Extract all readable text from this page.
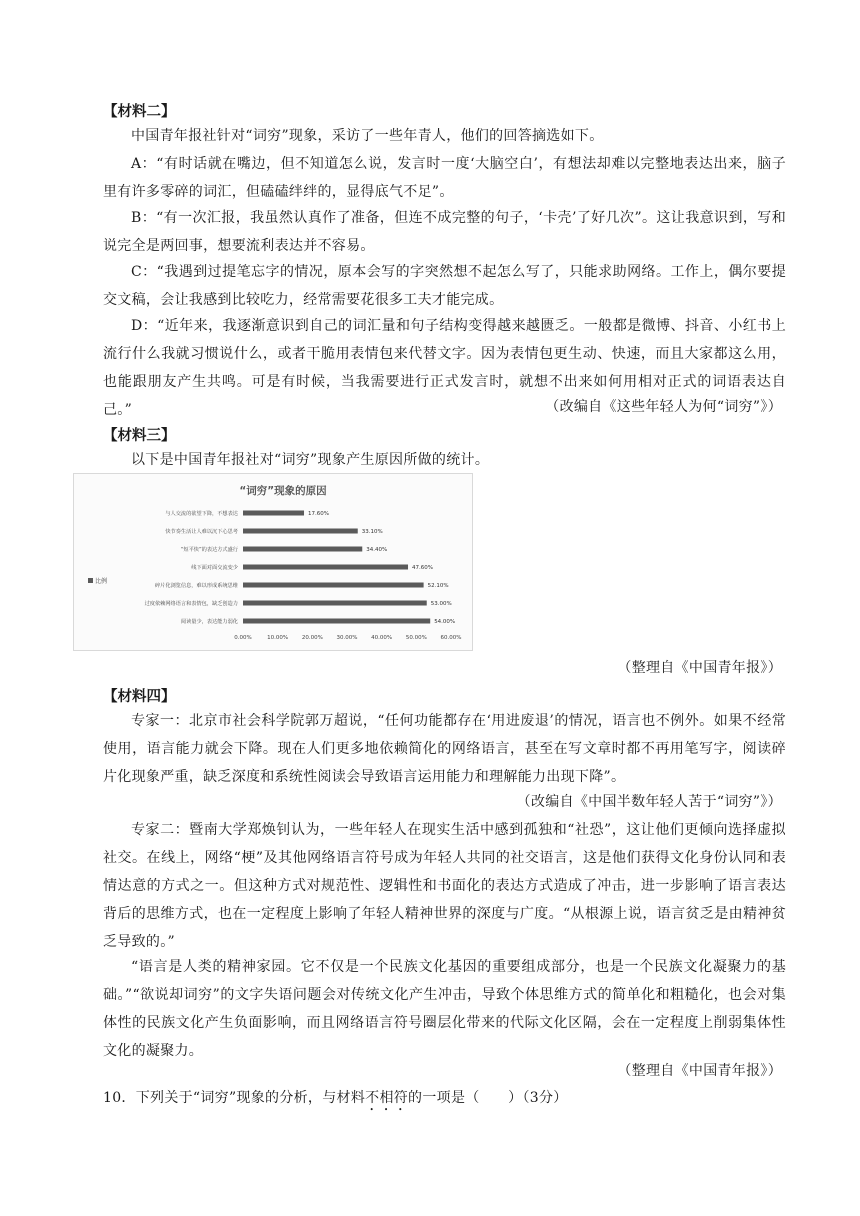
【材料二】
中国青年报社针对“词穷”现象，采访了一些年青人，他们的回答摘选如下。
A：“有时话就在嘴边，但不知道怎么说，发言时一度‘大脑空白’，有想法却难以完整地表达出来，脑子里有许多零碎的词汇，但磕磕绊绊的，显得底气不足”。
B：“有一次汇报，我虽然认真作了准备，但连不成完整的句子，‘卡壳’了好几次”。这让我意识到，写和说完全是两回事，想要流利表达并不容易。
C：“我遇到过提笔忘字的情况，原本会写的字突然想不起怎么写了，只能求助网络。工作上，偶尔要提交文稿，会让我感到比较吃力，经常需要花很多工夫才能完成。
D：“近年来，我逐渐意识到自己的词汇量和句子结构变得越来越匮乏。一般都是微博、抖音、小红书上流行什么我就习惯说什么，或者干脆用表情包来代替文字。因为表情包更生动、快速，而且大家都这么用，也能跟朋友产生共鸣。可是有时候，当我需要进行正式发言时，就想不出来如何用相对正式的词语表达自己。”	（改编自《这些年轻人为何“词穷”》）
【材料三】
以下是中国青年报社对“词穷”现象产生原因所做的统计。
“词穷”现象的原因
比例
与人交流的欲望下降，不想表达	17.60%
快节奏生活让人难以沉下心思考	33.10%
“短平快”的表达方式盛行	34.40%
线下面对面交流变少	47.60%
碎片化浏览信息，难以形成系统思维	52.10%
过度依赖网络语言和表情包，缺乏创造力	53.00%
阅读量少，表达能力弱化	54.00%
0.00%	10.00% 20.00% 30.00% 40.00% 50.00% 60.00%
（整理自《中国青年报》）
【材料四】
专家一：北京市社会科学院郭万超说，“任何功能都存在‘用进废退’的情况，语言也不例外。如果不经常使用，语言能力就会下降。现在人们更多地依赖简化的网络语言，甚至在写文章时都不再用笔写字，阅读碎片化现象严重，缺乏深度和系统性阅读会导致语言运用能力和理解能力出现下降”。
（改编自《中国半数年轻人苦于“词穷”》）
专家二：暨南大学郑焕钊认为，一些年轻人在现实生活中感到孤独和“社恐”，这让他们更倾向选择虚拟社交。在线上，网络“梗”及其他网络语言符号成为年轻人共同的社交语言，这是他们获得文化身份认同和表情达意的方式之一。但这种方式对规范性、逻辑性和书面化的表达方式造成了冲击，进一步影响了语言表达背后的思维方式，也在一定程度上影响了年轻人精神世界的深度与广度。“从根源上说，语言贫乏是由精神贫乏导致的。”
“语言是人类的精神家园。它不仅是一个民族文化基因的重要组成部分，也是一个民族文化凝聚力的基础。”“欲说却词穷”的文字失语问题会对传统文化产生冲击，导致个体思维方式的简单化和粗糙化，也会对集体性的民族文化产生负面影响，而且网络语言符号圈层化带来的代际文化区隔，会在一定程度上削弱集体性文化的凝聚力。
（整理自《中国青年报》）
10．下列关于“词穷”现象的分析，与材料不相符的一项是（　　）（3分）
